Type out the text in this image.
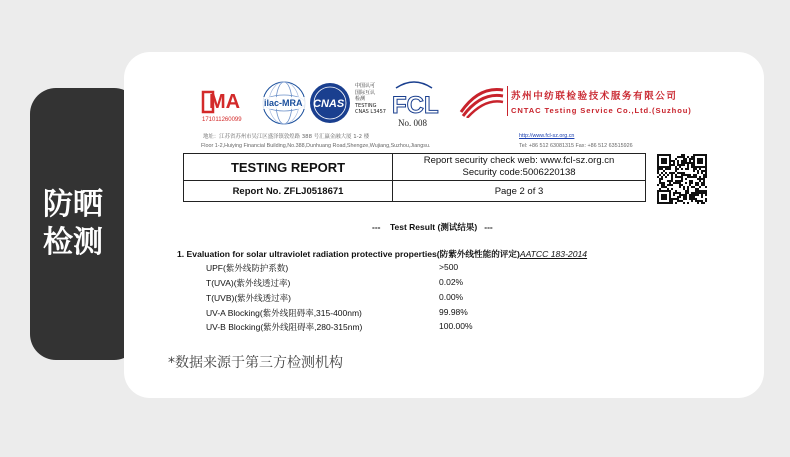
防晒
检测
MA
171011260099
ilac-MRA CNAS
中国认可
国际互认
检测
TESTING
CNAS L3457 FCL
No. 008
苏州中纺联检验技术服务有限公司
CNTAC Testing Service Co.,Ltd.(Suzhou)
地址：江苏省苏州市吴江区盛泽镇敦煌路 388 号汇赢金融大厦 1-2 楼
Floor 1-2,Huiying Financial Building,No.388,Dunhuang Road,Shengze,Wujiang,Suzhou,Jiangsu.
http://www.fcl-sz.org.cn
Tel: +86 512 63081315 Fax: +86 512 63515926
TESTING REPORT	Report security check web: www.fcl-sz.org.cn
Security code:5006220138

Report No. ZFLJ0518671	Page 2 of 3
--- Test Result (测试结果) ---
1. Evaluation for solar ultraviolet radiation protective properties(防紫外线性能的评定)AATCC 183-2014
UPF(紫外线防护系数)	>500
T(UVA)(紫外线透过率)	0.02%
T(UVB)(紫外线透过率)	0.00%
UV-A Blocking(紫外线阻碍率,315-400nm)	99.98%
UV-B Blocking(紫外线阻碍率,280-315nm)	100.00%
*数据来源于第三方检测机构
